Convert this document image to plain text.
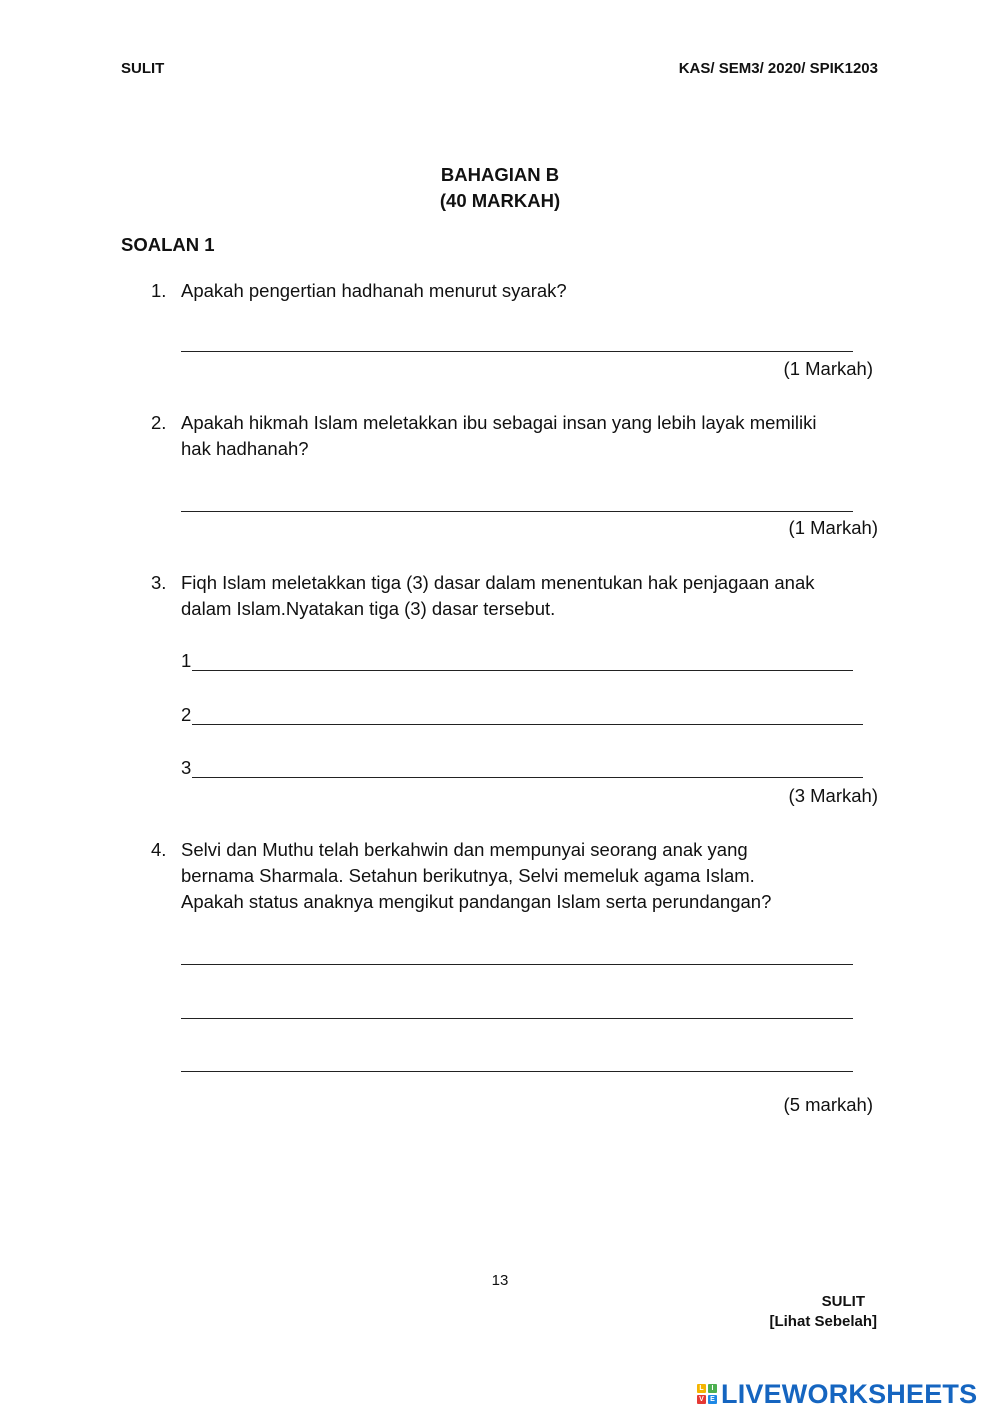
SULIT	KAS/ SEM3/ 2020/ SPIK1203
BAHAGIAN B
(40 MARKAH)
SOALAN 1
1. Apakah pengertian hadhanah menurut syarak?
(1 Markah)
2. Apakah hikmah Islam meletakkan ibu sebagai insan yang lebih layak memiliki
hak hadhanah?
(1 Markah)
3. Fiqh Islam meletakkan tiga (3) dasar dalam menentukan hak penjagaan anak
dalam Islam.Nyatakan tiga (3) dasar tersebut.
1
2
3
(3 Markah)
4. Selvi dan Muthu telah berkahwin dan mempunyai seorang anak yang
bernama Sharmala. Setahun berikutnya, Selvi memeluk agama Islam.
Apakah status anaknya mengikut pandangan Islam serta perundangan?
(5 markah)
13
SULIT
[Lihat Sebelah]
L	I
V E LIVEWORKSHEETS
